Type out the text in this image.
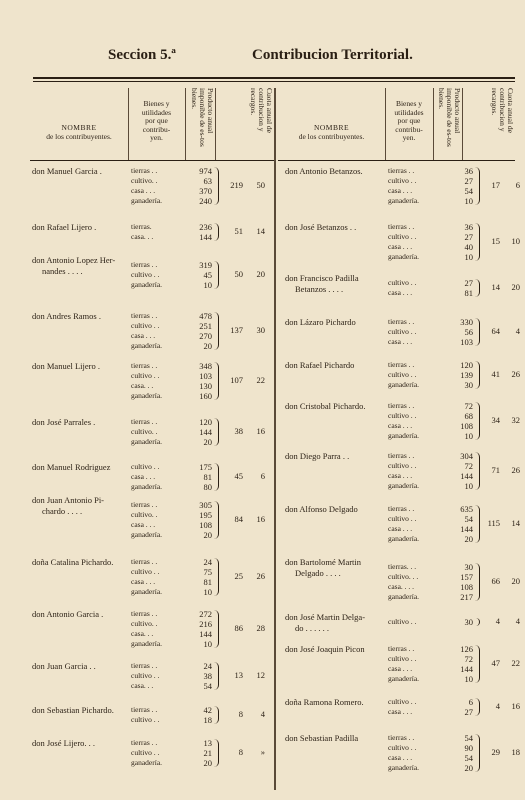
Seccion 5.ª	Contribucion Territorial.
NOMBRE
de los contribuyentes.
Bienes y
utilidades
por que
contribu-
yen.
Producto anual imponible de es-tos bienes.	Cuota anual de contribucion y recargos.
NOMBRE
de los contribuyentes.
Bienes y
utilidades
por que
contribu-
yen.
Producto anual imponible de es-tos bienes.	Cuota anual de contribucion y recargos.
don Manuel Garcia .	tierras . .	974
cultivo. .	63
casa . . .	370
ganadería.	240
219 50
don Rafael Lijero .	tierras.	236
casa. . .	144
51 14
don Antonio Lopez Her-
nandes . . . .
tierras . .	319
cultivo . .	45
ganadería.	10
50 20
don Andres Ramos .	tierras . .	478
cultivo . .	251
casa . . .	270
ganadería.	20
137 30
don Manuel Lijero .	tierras . .	348
cultivo . .	103
casa. . .	130
ganadería.	160
107 22
don José Parrales .	tierras . .	120
cultivo. .	144
ganadería.	20
38 16
don Manuel Rodriguez	cultivo . .	175
casa . . .	81
ganadería.	80
45 6
don Juan Antonio Pi-
chardo . . . .
tierras . .	305
cultivo. .	195
casa . . .	108
ganadería.	20
84 16
doña Catalina Pichardo. tierras . .	24
cultivo . .	75
casa . . .	81
ganadería.	10
25 26
don Antonio Garcia .	tierras . .	272
cultivo. .	216
casa. . .	144
ganadería.	10
86 28
don Juan Garcia . .	tierras . .	24
cultivo . .	38
casa. . .	54
13 12
don Sebastian Pichardo. tierras . .	42
cultivo . .	18
8 4
don José Lijero. . .	tierras . .	13
cultivo . .	21
ganadería.	20
8 »
don Antonio Betanzos.	tierras . .	36
cultivo . .	27
casa . . .	54
ganadería.	10
17 6
don José Betanzos . .	tierras . .	36
cultivo . .	27
casa . . .	40
ganadería.	10
15 10
don Francisco Padilla
Betanzos . . . .
cultivo . .	27
casa . . .	81
14 20
don Lázaro Pichardo	tierras . .	330
cultivo . .	56
casa . . .	103
64 4
don Rafael Pichardo	tierras . .	120
cultivo . .	139
ganadería.	30
41 26
don Cristobal Pichardo.	tierras . .	72
cultivo . .	68
casa . . .	108
ganadería.	10
34 32
don Diego Parra . .	tierras . .	304
cultivo . .	72
casa . . .	144
ganadería.	10
71 26
don Alfonso Delgado	tierras . .	635
cultivo . .	54
casa . . .	144
ganadería.	20
115 14
don Bartolomé Martin
Delgado . . . .
tierras. . .	30
cultivo. . .	157
casa. . . .	108
ganadería.	217
66 20
don José Martin Delga-
do . . . . . .
cultivo . .	30	4 4
don José Joaquin Picon	tierras . .	126
cultivo . .	72
casa . . .	144
ganadería.	10
47 22
doña Ramona Romero.	cultivo . .	6
casa . . .	27
4 16
don Sebastian Padilla	tierras . .	54
cultivo . .	90
casa . . .	54
ganadería.	20
29 18
